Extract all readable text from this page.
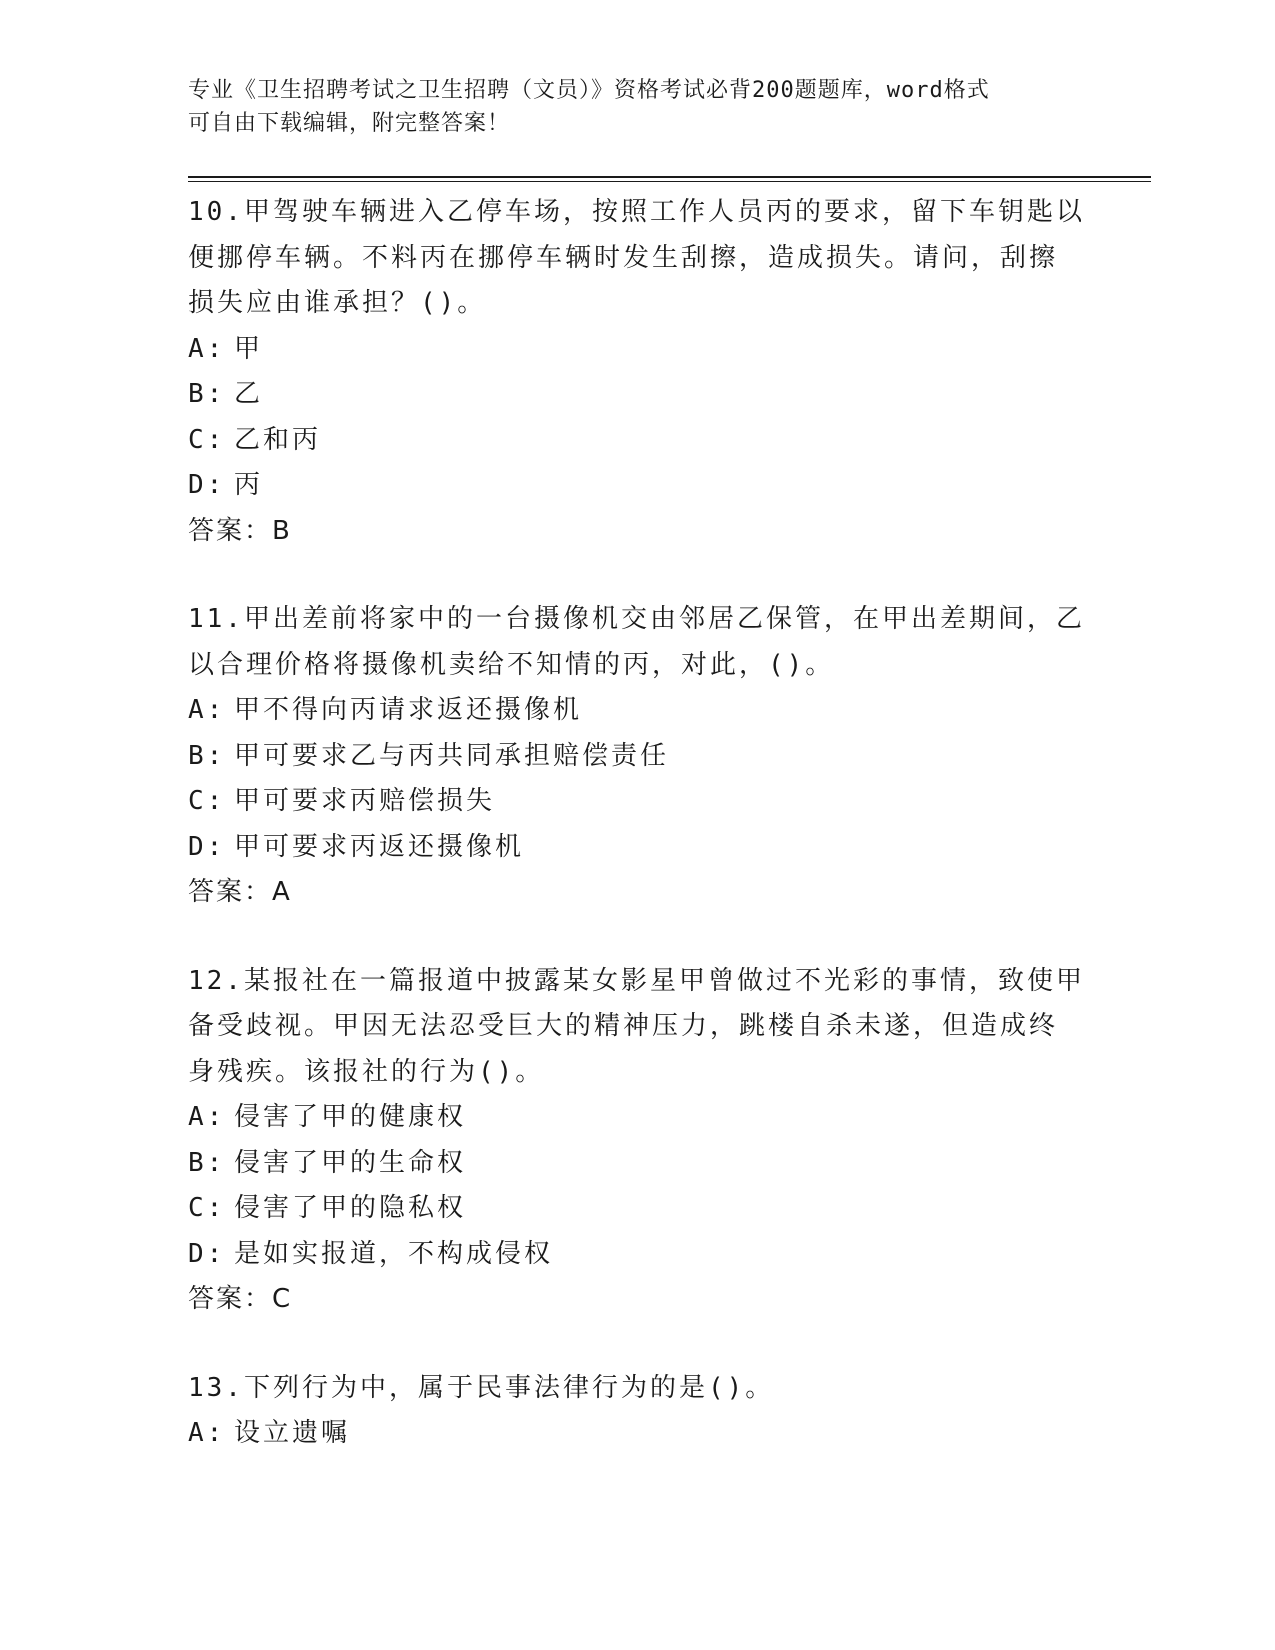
专业《卫生招聘考试之卫生招聘（文员）》资格考试必背200题题库，word格式
可自由下载编辑，附完整答案！
10.甲驾驶车辆进入乙停车场，按照工作人员丙的要求，留下车钥匙以
便挪停车辆。不料丙在挪停车辆时发生刮擦，造成损失。请问，刮擦
损失应由谁承担？()。
A: 甲
B: 乙
C: 乙和丙
D: 丙
答案：B
11.甲出差前将家中的一台摄像机交由邻居乙保管，在甲出差期间，乙
以合理价格将摄像机卖给不知情的丙，对此，()。
A: 甲不得向丙请求返还摄像机
B: 甲可要求乙与丙共同承担赔偿责任
C: 甲可要求丙赔偿损失
D: 甲可要求丙返还摄像机
答案：A
12.某报社在一篇报道中披露某女影星甲曾做过不光彩的事情，致使甲
备受歧视。甲因无法忍受巨大的精神压力，跳楼自杀未遂，但造成终
身残疾。该报社的行为()。
A: 侵害了甲的健康权
B: 侵害了甲的生命权
C: 侵害了甲的隐私权
D: 是如实报道，不构成侵权
答案：C
13.下列行为中，属于民事法律行为的是()。
A: 设立遗嘱
